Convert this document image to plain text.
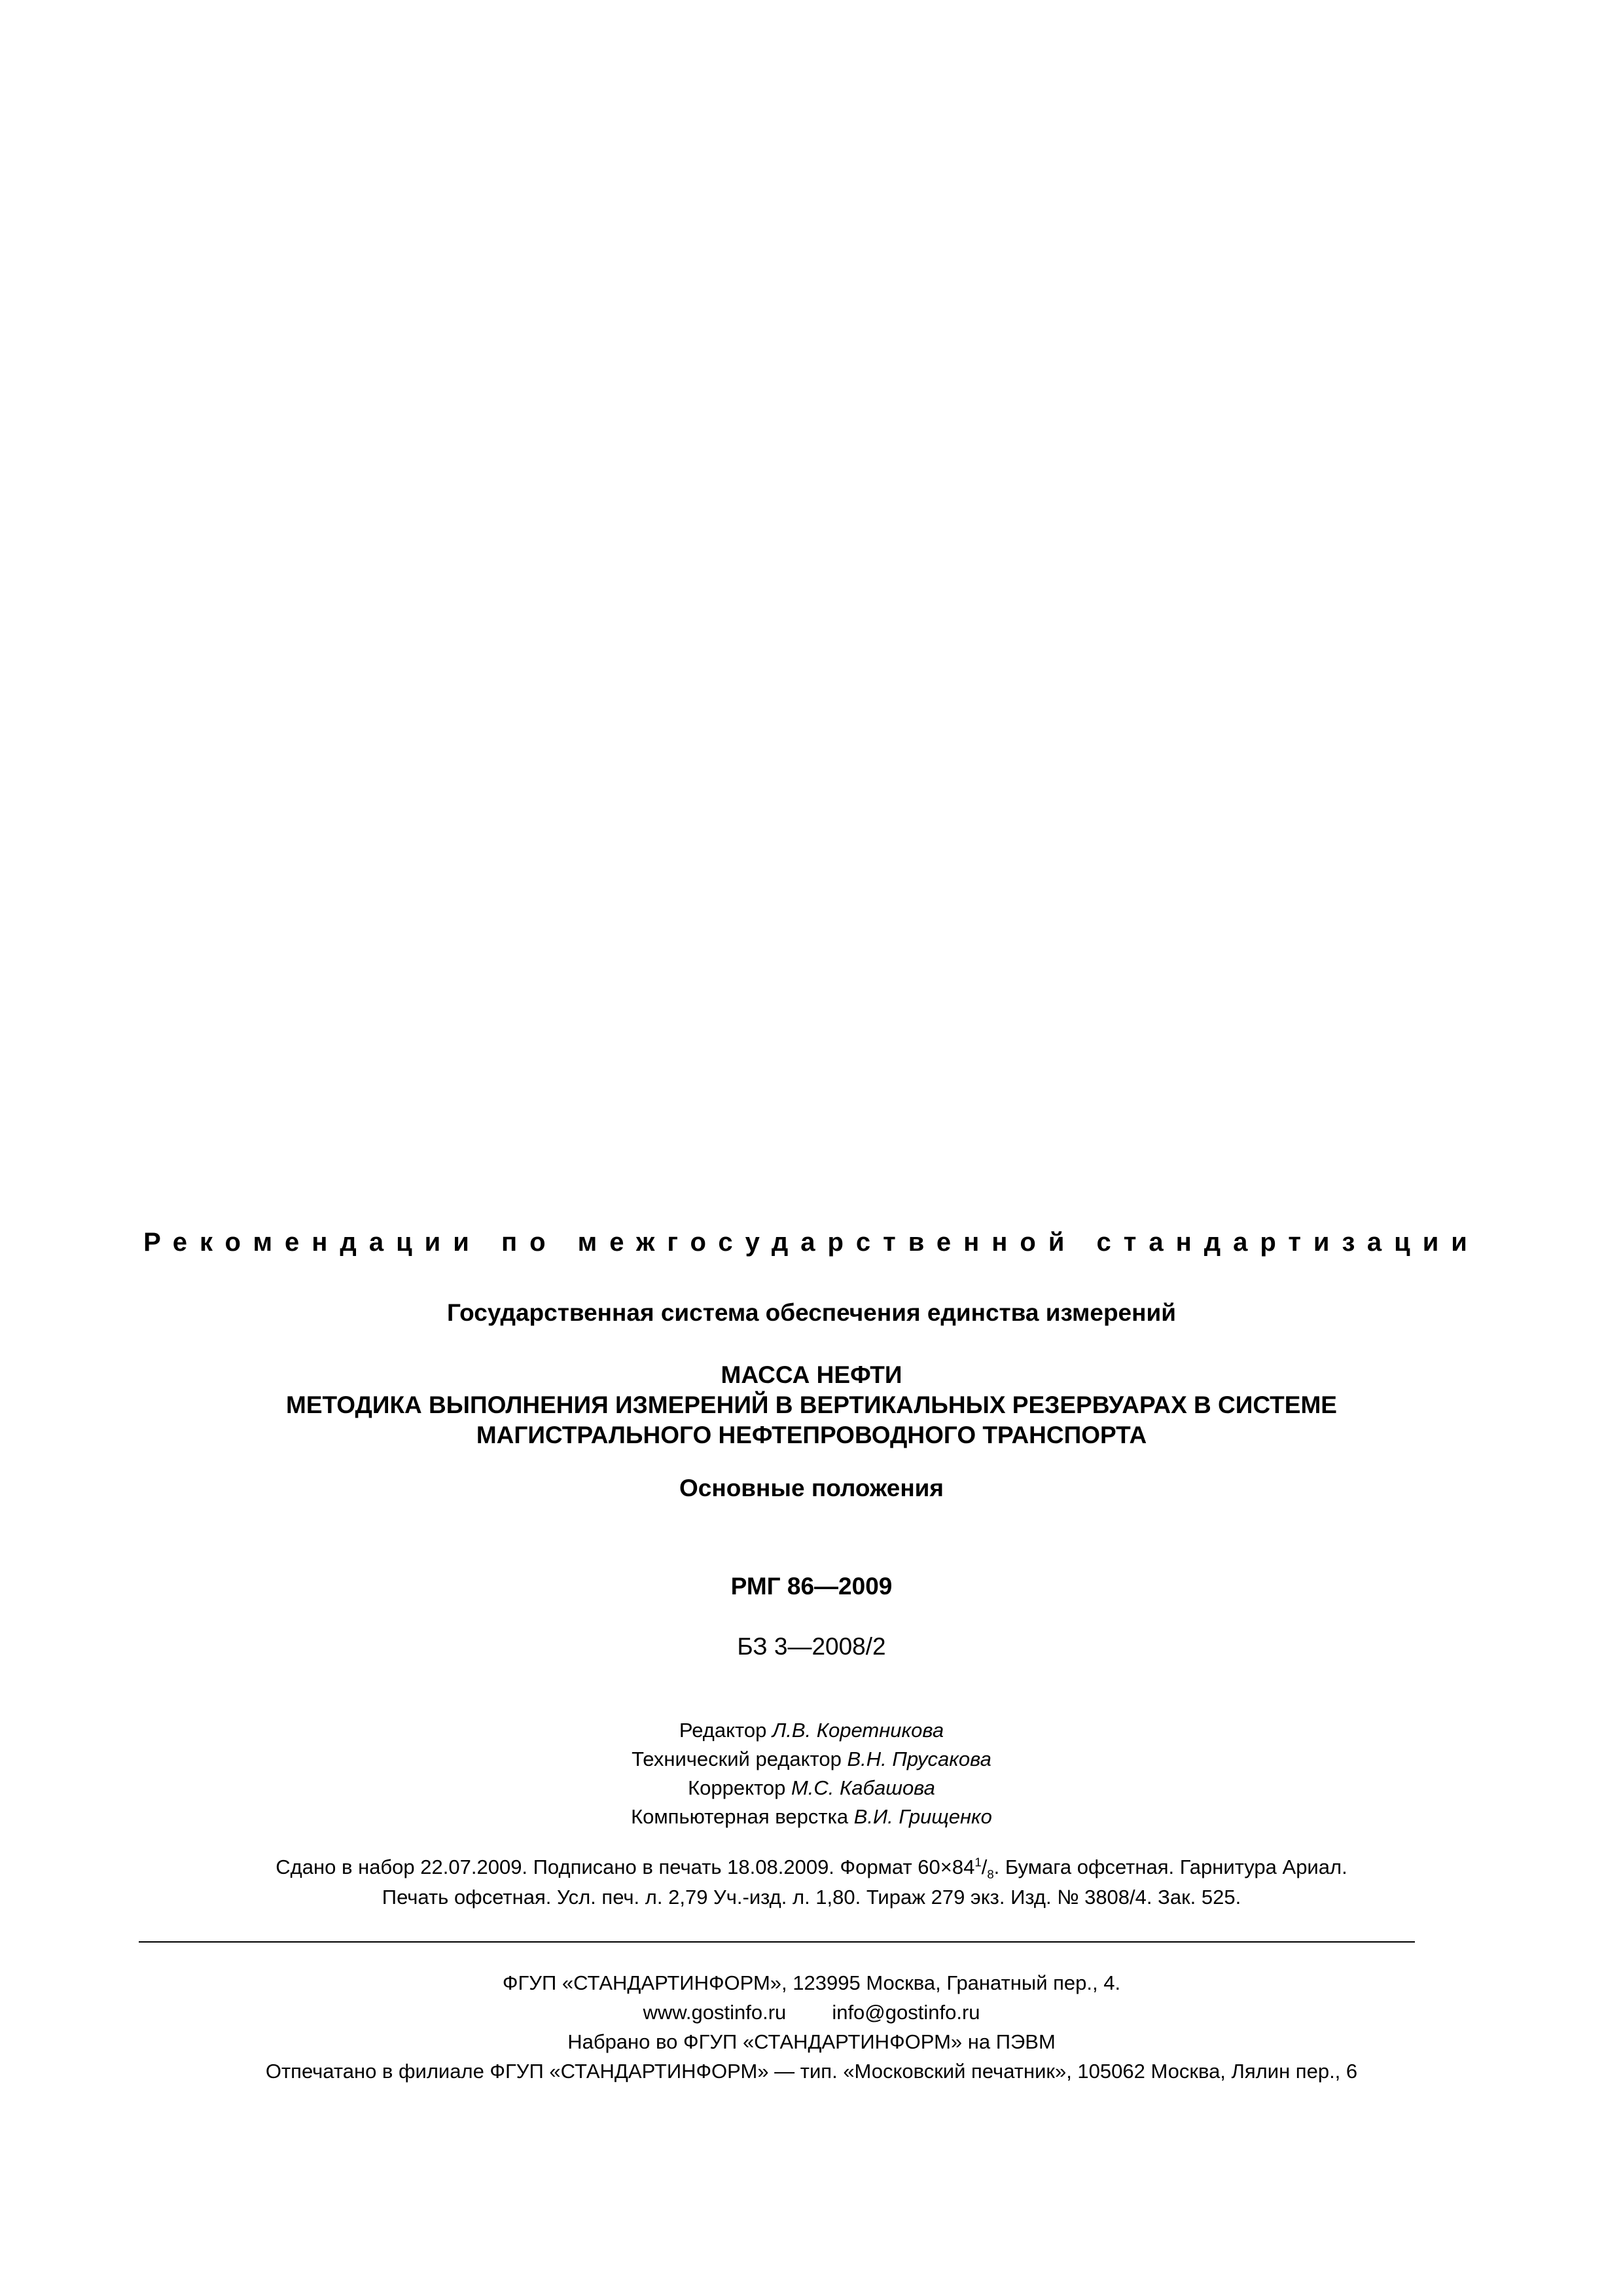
Рекомендации по межгосударственной стандартизации
Государственная система обеспечения единства измерений
МАССА НЕФТИ
МЕТОДИКА ВЫПОЛНЕНИЯ ИЗМЕРЕНИЙ В ВЕРТИКАЛЬНЫХ РЕЗЕРВУАРАХ В СИСТЕМЕ
МАГИСТРАЛЬНОГО НЕФТЕПРОВОДНОГО ТРАНСПОРТА
Основные положения
РМГ 86—2009
БЗ 3—2008/2
Редактор Л.В. Коретникова
Технический редактор В.Н. Прусакова
Корректор М.С. Кабашова
Компьютерная верстка В.И. Грищенко
Сдано в набор 22.07.2009. Подписано в печать 18.08.2009. Формат $60\times 84^1/_8$. Бумага офсетная. Гарнитура Ариал.
Печать офсетная. Усл. печ. л. 2,79 Уч.-изд. л. 1,80. Тираж 279 экз. Изд. № 3808/4. Зак. 525.
ФГУП «СТАНДАРТИНФОРМ», 123995 Москва, Гранатный пер., 4.
www.gostinfo.ru info@gostinfo.ru
Набрано во ФГУП «СТАНДАРТИНФОРМ» на ПЭВМ
Отпечатано в филиале ФГУП «СТАНДАРТИНФОРМ» — тип. «Московский печатник», 105062 Москва, Лялин пер., 6
